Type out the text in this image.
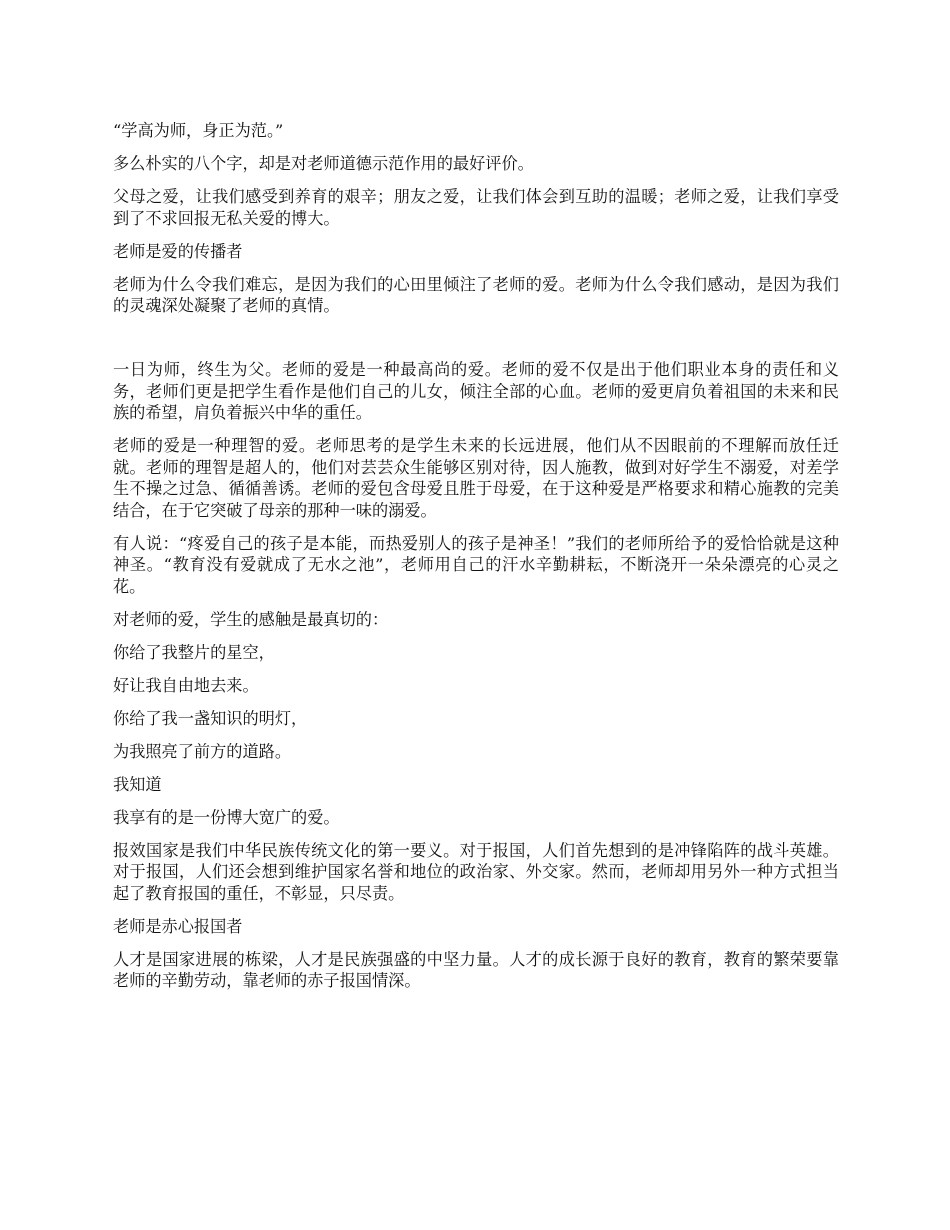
“学高为师，身正为范。”

多么朴实的八个字，却是对老师道德示范作用的最好评价。

父母之爱，让我们感受到养育的艰辛；朋友之爱，让我们体会到互助的温暖；老师之爱，让我们享受到了不求回报无私关爱的博大。

老师是爱的传播者

老师为什么令我们难忘，是因为我们的心田里倾注了老师的爱。老师为什么令我们感动，是因为我们的灵魂深处凝聚了老师的真情。

一日为师，终生为父。老师的爱是一种最高尚的爱。老师的爱不仅是出于他们职业本身的责任和义务，老师们更是把学生看作是他们自己的儿女，倾注全部的心血。老师的爱更肩负着祖国的未来和民族的希望，肩负着振兴中华的重任。

老师的爱是一种理智的爱。老师思考的是学生未来的长远进展，他们从不因眼前的不理解而放任迁就。老师的理智是超人的，他们对芸芸众生能够区别对待，因人施教，做到对好学生不溺爱，对差学生不操之过急、循循善诱。老师的爱包含母爱且胜于母爱，在于这种爱是严格要求和精心施教的完美结合，在于它突破了母亲的那种一味的溺爱。

有人说：“疼爱自己的孩子是本能，而热爱别人的孩子是神圣！”我们的老师所给予的爱恰恰就是这种神圣。“教育没有爱就成了无水之池”，老师用自己的汗水辛勤耕耘，不断浇开一朵朵漂亮的心灵之花。

对老师的爱，学生的感触是最真切的：

你给了我整片的星空，

好让我自由地去来。

你给了我一盏知识的明灯，

为我照亮了前方的道路。

我知道

我享有的是一份博大宽广的爱。

报效国家是我们中华民族传统文化的第一要义。对于报国，人们首先想到的是冲锋陷阵的战斗英雄。对于报国，人们还会想到维护国家名誉和地位的政治家、外交家。然而，老师却用另外一种方式担当起了教育报国的重任，不彰显，只尽责。

老师是赤心报国者

人才是国家进展的栋梁，人才是民族强盛的中坚力量。人才的成长源于良好的教育，教育的繁荣要靠老师的辛勤劳动，靠老师的赤子报国情深。
